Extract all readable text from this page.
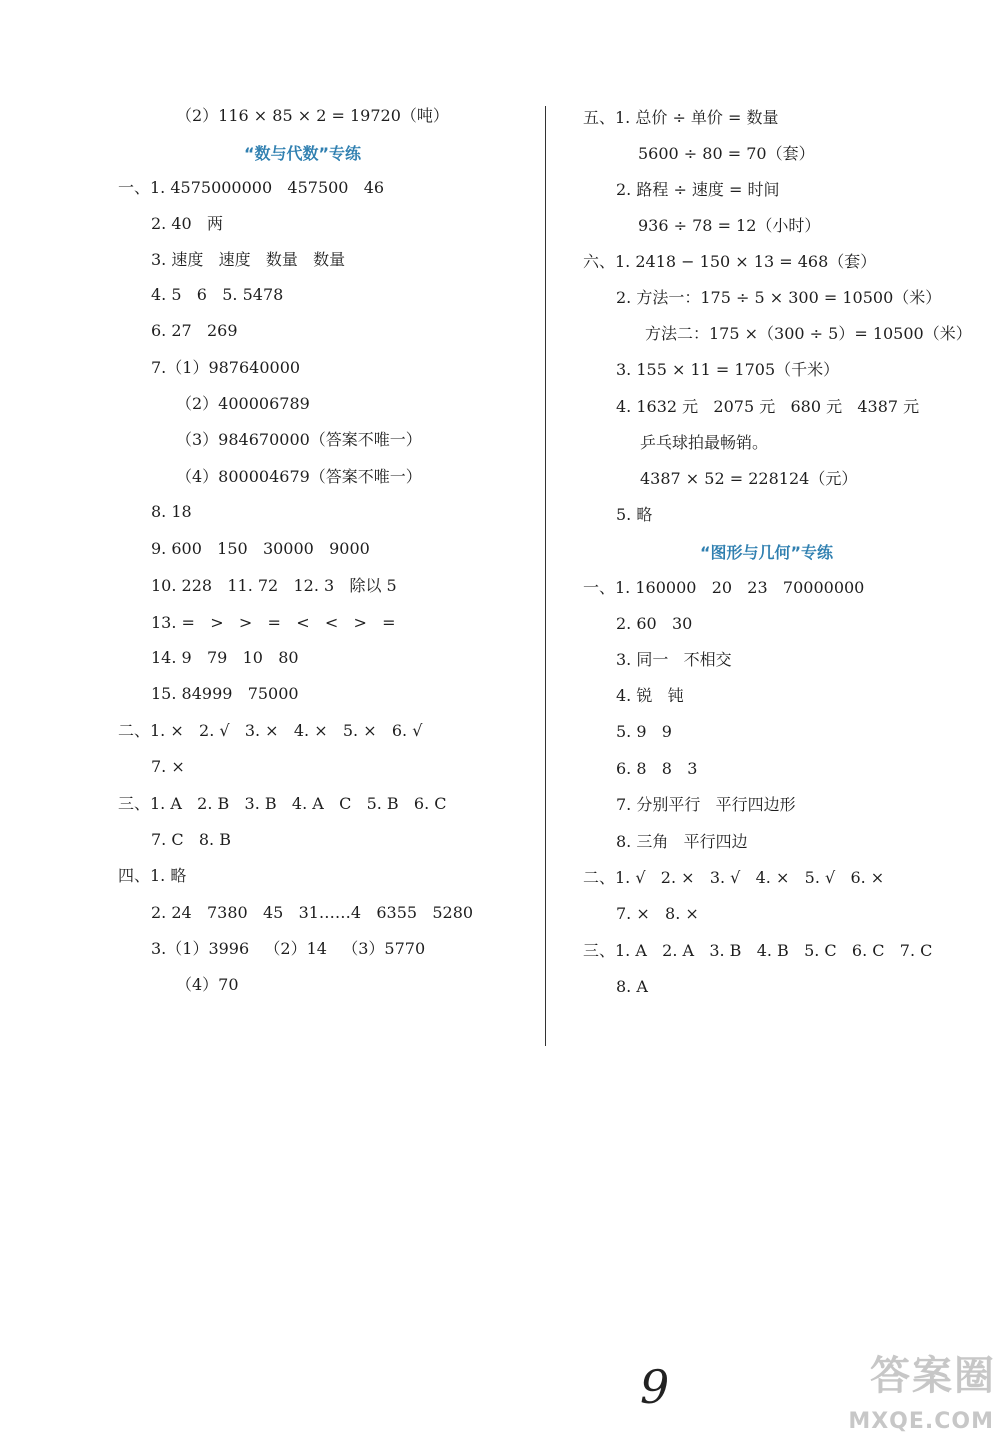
（2）116 × 85 × 2 = 19720（吨）
“数与代数”专练
一、1. 4575000000   457500   46
2. 40   两
3. 速度   速度   数量   数量
4. 5   6   5. 5478
6. 27   269
7.（1）987640000
（2）400006789
（3）984670000（答案不唯一）
（4）800004679（答案不唯一）
8. 18
9. 600   150   30000   9000
10. 228   11. 72   12. 3   除以 5
13. =   >   >   =   <   <   >   =
14. 9   79   10   80
15. 84999   75000
二、1. ×   2. √   3. ×   4. ×   5. ×   6. √
7. ×
三、1. A   2. B   3. B   4. A   C   5. B   6. C
7. C   8. B
四、1. 略
2. 24   7380   45   31……4   6355   5280
3.（1）3996   （2）14   （3）5770
（4）70
五、1. 总价 ÷ 单价 = 数量
5600 ÷ 80 = 70（套）
2. 路程 ÷ 速度 = 时间
936 ÷ 78 = 12（小时）
六、1. 2418 − 150 × 13 = 468（套）
2. 方法一：175 ÷ 5 × 300 = 10500（米）
方法二：175 ×（300 ÷ 5）= 10500（米）
3. 155 × 11 = 1705（千米）
4. 1632 元   2075 元   680 元   4387 元
乒乓球拍最畅销。
4387 × 52 = 228124（元）
5. 略
“图形与几何”专练
一、1. 160000   20   23   70000000
2. 60   30
3. 同一   不相交
4. 锐   钝
5. 9   9
6. 8   8   3
7. 分别平行   平行四边形
8. 三角   平行四边
二、1. √   2. ×   3. √   4. ×   5. √   6. ×
7. ×   8. ×
三、1. A   2. A   3. B   4. B   5. C   6. C   7. C
8. A
9	答案圈
MXQE.COM
